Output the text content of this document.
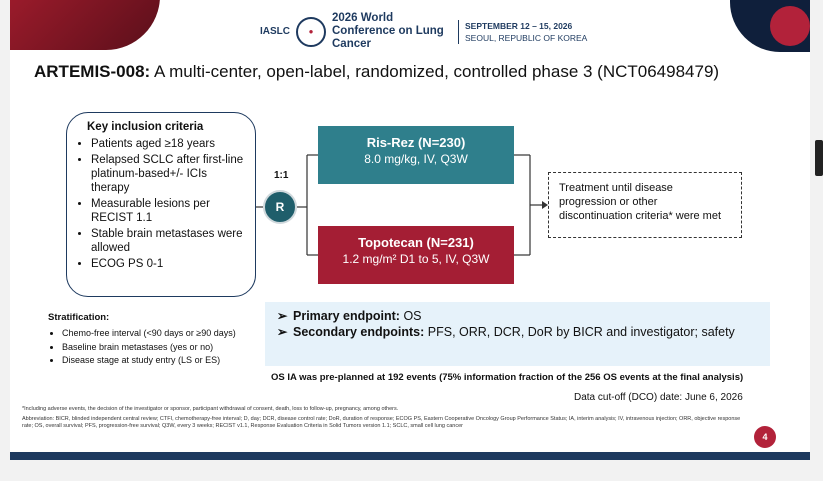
IASLC	●
2026 World Conference on Lung Cancer
SEPTEMBER 12 – 15, 2026
SEOUL, REPUBLIC OF KOREA
ARTEMIS-008: A multi-center, open-label, randomized, controlled phase 3 (NCT06498479)
Key inclusion criteria
• Patients aged ≥18 years
• Relapsed SCLC after first-line platinum-based+/- ICIs therapy
• Measurable lesions per RECIST 1.1
• Stable brain metastases were allowed
• ECOG PS 0-1
1:1
R
Ris-Rez (N=230)
8.0 mg/kg, IV, Q3W
Topotecan (N=231)
1.2 mg/m² D1 to 5, IV, Q3W
Treatment until disease progression or other discontinuation criteria* were met
Stratification:
• Chemo-free interval (<90 days or ≥90 days)
• Baseline brain metastases (yes or no)
• Disease stage at study entry (LS or ES)
➢ Primary endpoint: OS
➢ Secondary endpoints: PFS, ORR, DCR, DoR by BICR and investigator; safety
OS IA was pre-planned at 192 events (75% information fraction of the 256 OS events at the final analysis)
Data cut-off (DCO) date: June 6, 2026
*Including adverse events, the decision of the investigator or sponsor, participant withdrawal of consent, death, loss to follow-up, pregnancy, among others.
Abbreviation: BICR, blinded independent central review; CTFI, chemotherapy-free interval; D, day; DCR, disease control rate; DoR, duration of response; ECOG PS, Eastern Cooperative Oncology Group Performance Status; IA, interim analysis; IV, intravenous injection; ORR, objective response rate; OS, overall survival; PFS, progression-free survival; Q3W, every 3 weeks; RECIST v1.1, Response Evaluation Criteria in Solid Tumors version 1.1; SCLC, small cell lung cancer
4
